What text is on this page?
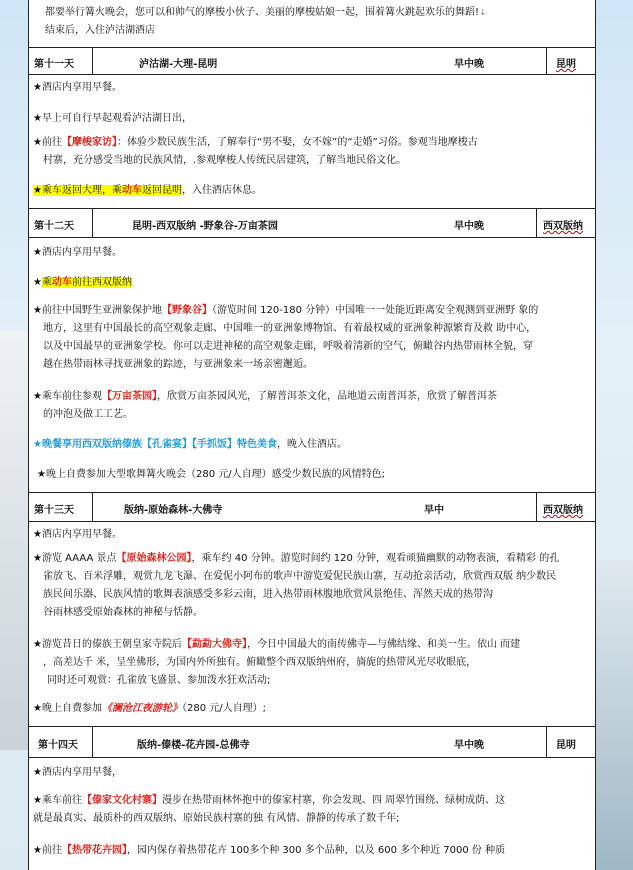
都要举行篝火晚会，您可以和帅气的摩梭小伙子、美丽的摩梭姑娘一起，围着篝火跳起欢乐的舞蹈!↓
结束后，入住泸沽湖酒店
第十一天	泸沽湖-大理-昆明	早中晚	昆明
★酒店内享用早餐。
★早上可自行早起观看泸沽湖日出，
★前往【摩梭家访】：体验少数民族生活，了解奉行“男不娶，女不嫁”的“走婚”习俗。参观当地摩梭古
村寨，充分感受当地的民族风情，.参观摩梭人传统民居建筑，了解当地民俗文化。
★乘车返回大理，乘动车返回昆明，入住酒店休息。
第十二天	昆明-西双版纳 -野象谷-万亩茶园	早中晚	西双版纳
★酒店内享用早餐。
★乘动车前往西双版纳
★前往中国野生亚洲象保护地【野象谷】（游览时间 120-180 分钟）中国唯一一处能近距离安全观测到亚洲野 象的
地方，这里有中国最长的高空观象走廊、中国唯一的亚洲象博物馆、有着最权威的亚洲象种源繁育及救 助中心，
以及中国最早的亚洲象学校。你可以走进神秘的高空观象走廊，呼吸着清新的空气，俯瞰谷内热带雨林全貌，穿
越在热带雨林寻找亚洲象的踪迹，与亚洲象来一场亲密邂逅。
★乘车前往参观【万亩茶园】，欣赏万亩茶园风光，了解普洱茶文化，品地道云南普洱茶，欣赏了解普洱茶
的冲泡及做工工艺。
★晚餐享用西双版纳傣族【孔雀宴】【手抓饭】特色美食，晚入住酒店。
★晚上自费参加大型歌舞篝火晚会（280 元/人自理）感受少数民族的风情特色;
第十三天	版纳-原始森林-大佛寺	早中	西双版纳
★酒店内享用早餐。
★游览 AAAA 景点【原始森林公园】，乘车约 40 分钟。游览时间约 120 分钟，观看顽猫幽默的动物表演，看精彩 的孔
雀放飞、百米浮雕，观赏九龙飞瀑、在爱伲小阿布的歌声中游览爱伲民族山寨，互动抢亲活动，欣赏西双版 纳少数民
族民间乐器、民族风情的歌舞表演感受多彩云南，进入热带雨林腹地欣赏风景绝佳、浑然天成的热带沟
谷雨林感受原始森林的神秘与恬静。
★游览昔日的傣族王朝皇家寺院后【勐勐大佛寺】，今日中国最大的南传佛寺—与佛结缘、和美一生。依山 而建
，高差达千 米，呈坐佛形，为国内外所独有。俯瞰整个西双版纳州府，旖旎的热带风光尽收眼底，
同时还可观赏：孔雀放飞盛景、参加泼水狂欢活动;
★晚上自费参加《澜沧江夜游轮》（280 元/人自理）;
第十四天	版纳-傣楼-花卉园-总佛寺	早中晚	昆明
★酒店内享用早餐，
★乘车前往【傣家文化村寨】漫步在热带雨林怀抱中的傣家村寨，你会发现、四 周翠竹围绕、绿树成荫、这
就是最真实、最质朴的西双版纳、原始民族村寨的独 有风情、静静的传承了数千年;
★前往【热带花卉园】，园内保存着热带花卉 100多个种 300 多个品种，以及 600 多个种近 7000 份 种质
